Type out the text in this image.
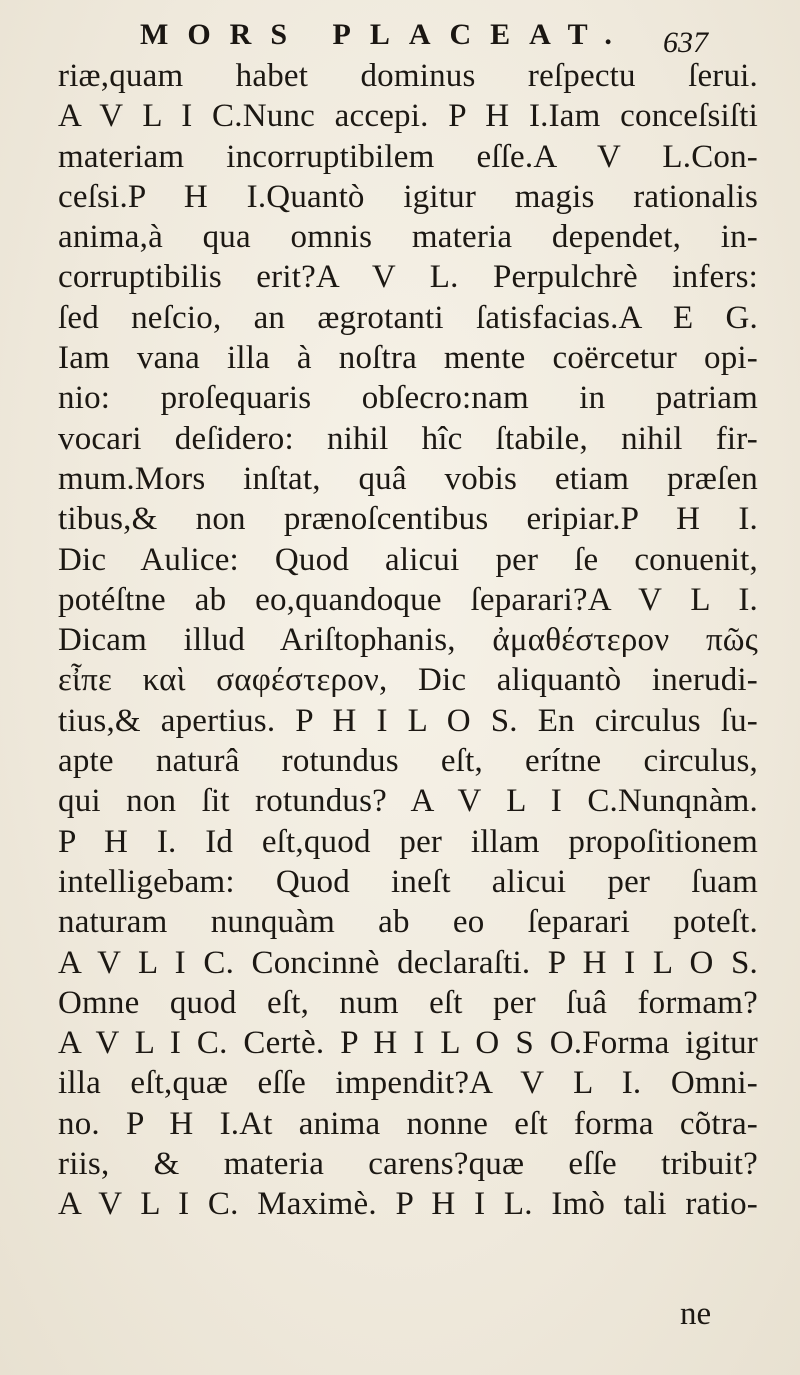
MORS PLACEAT. 637
riæ,quam habet dominus reſpectu ſerui.
A V L I C.Nunc accepi. P H I.Iam conceſsiſti
materiam incorruptibilem eſſe.A V L.Con-
ceſsi.P H I.Quantò igitur magis rationalis
anima,à qua omnis materia dependet, in-
corruptibilis erit?A V L. Perpulchrè infers:
ſed neſcio, an ægrotanti ſatisfacias.A E G.
Iam vana illa à noſtra mente coërcetur opi-
nio: proſequaris obſecro:nam in patriam
vocari deſidero: nihil hîc ſtabile, nihil fir-
mum.Mors inſtat, quâ vobis etiam præſen
tibus,& non prænoſcentibus eripiar.P H I.
Dic Aulice: Quod alicui per ſe conuenit,
potéſtne ab eo,quandoque ſeparari?A V L I.
Dicam illud Ariſtophanis, ἀμαθέστερον πῶς
εἶπε καὶ σαφέστερον, Dic aliquantò inerudi-
tius,& apertius. P H I L O S. En circulus ſu-
apte naturâ rotundus eſt, erítne circulus,
qui non ſit rotundus? A V L I C.Nunqnàm.
P H I. Id eſt,quod per illam propoſitionem
intelligebam: Quod ineſt alicui per ſuam
naturam nunquàm ab eo ſeparari poteſt.
A V L I C. Concinnè declaraſti. P H I L O S.
Omne quod eſt, num eſt per ſuâ formam?
A V L I C. Certè. P H I L O S O.Forma igitur
illa eſt,quæ eſſe impendit?A V L I. Omni-
no. P H I.At anima nonne eſt forma cõtra-
riis, & materia carens?quæ eſſe tribuit?
A V L I C. Maximè. P H I L. Imò tali ratio-
ne
